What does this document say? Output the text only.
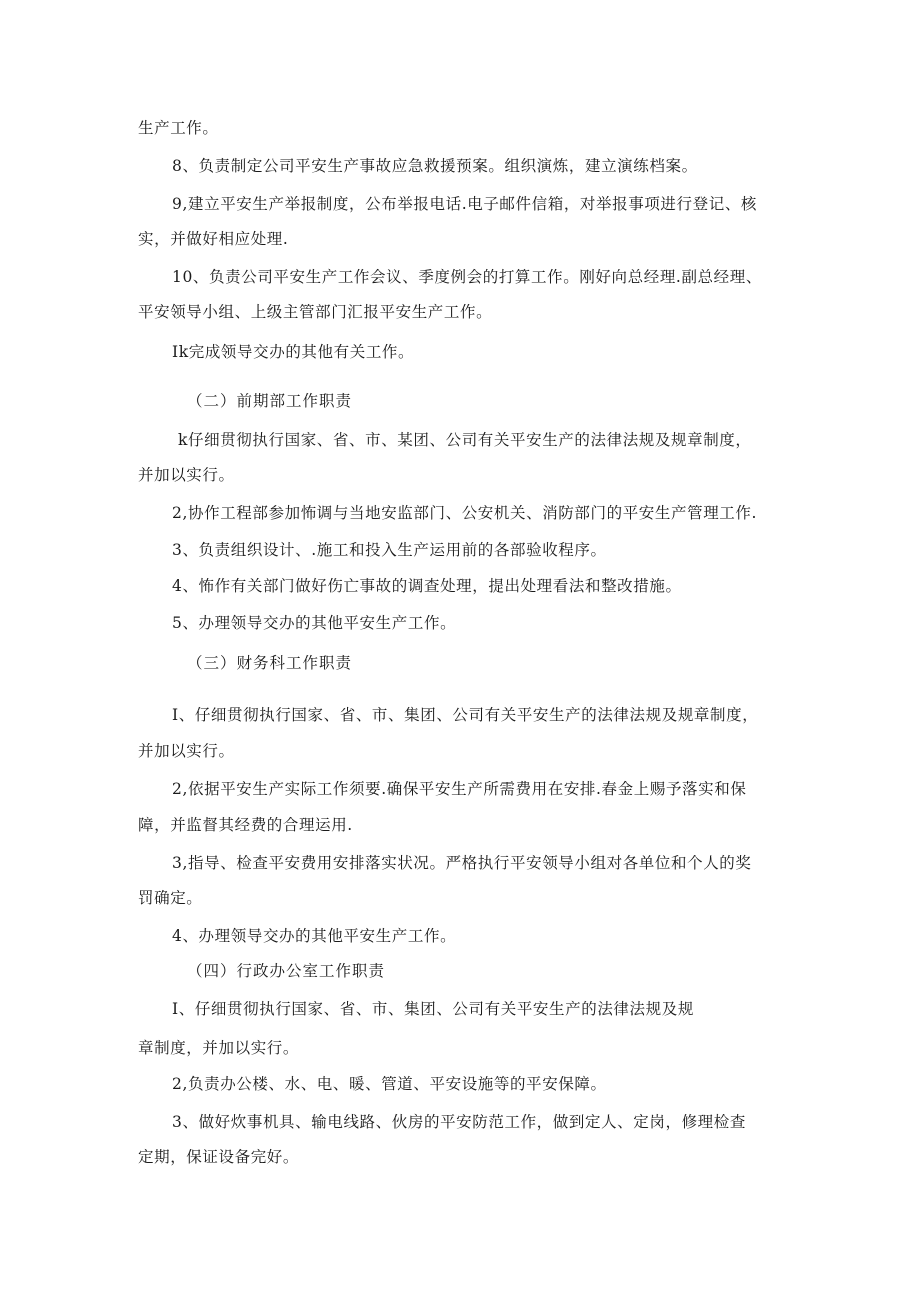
生产工作。
8、负责制定公司平安生产事故应急救援预案。组织演炼，建立演练档案。
9,建立平安生产举报制度，公布举报电话.电子邮件信箱，对举报事项进行登记、核
实，并做好相应处理.
10、负责公司平安生产工作会议、季度例会的打算工作。刚好向总经理.副总经理、
平安领导小组、上级主管部门汇报平安生产工作。
Ik完成领导交办的其他有关工作。
（二）前期部工作职责
k仔细贯彻执行国家、省、市、某团、公司有关平安生产的法律法规及规章制度，
并加以实行。
2,协作工程部参加怖调与当地安监部门、公安机关、消防部门的平安生产管理工作.
3、负责组织设计、.施工和投入生产运用前的各部验收程序。
4、怖作有关部门做好伤亡事故的调查处理，提出处理看法和整改措施。
5、办理领导交办的其他平安生产工作。
（三）财务科工作职责
I、仔细贯彻执行国家、省、市、集团、公司有关平安生产的法律法规及规章制度，
并加以实行。
2,依据平安生产实际工作须要.确保平安生产所需费用在安排.春金上赐予落实和保
障，并监督其经费的合理运用.
3,指导、检查平安费用安排落实状况。严格执行平安领导小组对各单位和个人的奖
罚确定。
4、办理领导交办的其他平安生产工作。
（四）行政办公室工作职责
I、仔细贯彻执行国家、省、市、集团、公司有关平安生产的法律法规及规
章制度，并加以实行。
2,负责办公楼、水、电、暖、管道、平安设施等的平安保障。
3、做好炊事机具、输电线路、伙房的平安防范工作，做到定人、定岗，修理检查
定期，保证设备完好。
